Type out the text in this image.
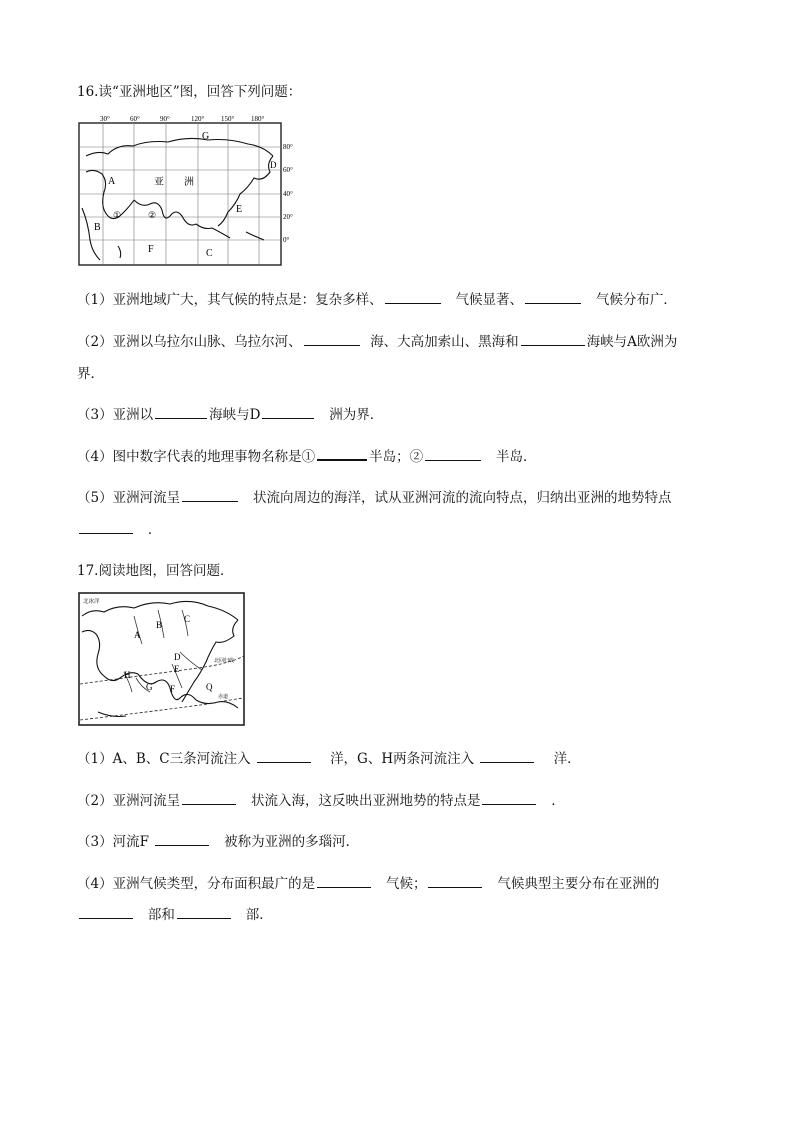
16.读“亚洲地区”图，回答下列问题：
30°	60°	90°	120° 150° 180°
80°
60°
40°
20°
0°
G
A	亚 洲
D
B
F	C
E
①	②
（1）亚洲地域广大，其气候的特点是：复杂多样、	气候显著、	气候分布广．
（2）亚洲以乌拉尔山脉、乌拉尔河、	海、大高加索山、黑海和	海峡与A欧洲为
界．
（3）亚洲以	海峡与D	洲为界．
（4）图中数字代表的地理事物名称是①	半岛；②	半岛．
（5）亚洲河流呈	状流向周边的海洋，试从亚洲河流的流向特点，归纳出亚洲的地势特点
．
17.阅读地图，回答问题．
北冰洋
北回归线
赤道
A
B
C
D
E
H
G F	Q
（1）A、B、C三条河流注入	洋，G、H两条河流注入	洋．
（2）亚洲河流呈	状流入海，这反映出亚洲地势的特点是	．
（3）河流F	被称为亚洲的多瑙河．
（4）亚洲气候类型，分布面积最广的是	气候；	气候典型主要分布在亚洲的
部和	部．
